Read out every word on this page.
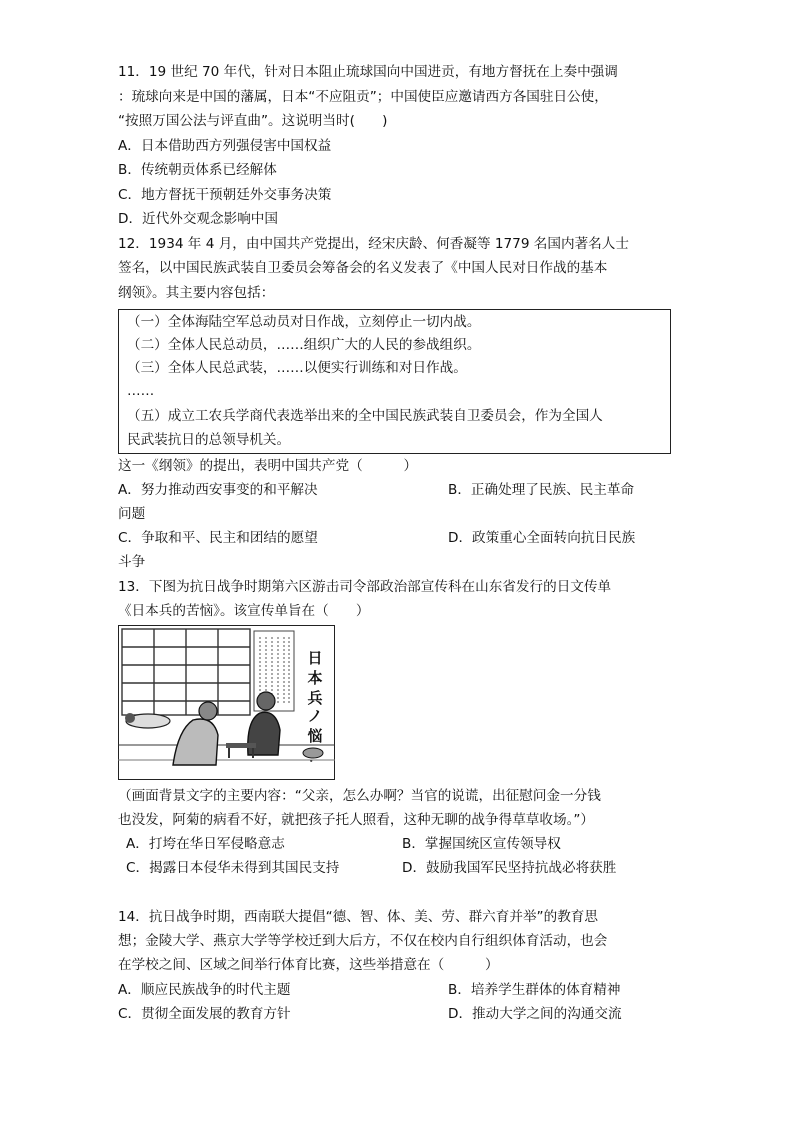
11．19 世纪 70 年代，针对日本阻止琉球国向中国进贡，有地方督抚在上奏中强调
：琉球向来是中国的藩属，日本“不应阻贡”；中国使臣应邀请西方各国驻日公使，
“按照万国公法与评直曲”。这说明当时(　　)
A．日本借助西方列强侵害中国权益
B．传统朝贡体系已经解体
C．地方督抚干预朝廷外交事务决策
D．近代外交观念影响中国
12．1934 年 4 月，由中国共产党提出，经宋庆龄、何香凝等 1779 名国内著名人士
签名，以中国民族武装自卫委员会筹备会的名义发表了《中国人民对日作战的基本
纲领》。其主要内容包括：
（一）全体海陆空军总动员对日作战，立刻停止一切内战。
（二）全体人民总动员，……组织广大的人民的参战组织。
（三）全体人民总武装，……以便实行训练和对日作战。
……
（五）成立工农兵学商代表选举出来的全中国民族武装自卫委员会，作为全国人
民武装抗日的总领导机关。
这一《纲领》的提出，表明中国共产党（　　　）
A．努力推动西安事变的和平解决	B．正确处理了民族、民主革命
问题
C．争取和平、民主和团结的愿望	D．政策重心全面转向抗日民族
斗争
13．下图为抗日战争时期第六区游击司令部政治部宣传科在山东省发行的日文传单
《日本兵的苦恼》。该宣传单旨在（　　）
日
本
兵
ノ
悩
（画面背景文字的主要内容：“父亲，怎么办啊？当官的说谎，出征慰问金一分钱
也没发，阿菊的病看不好，就把孩子托人照看，这种无聊的战争得草草收场。”）
A．打垮在华日军侵略意志	B．掌握国统区宣传领导权
C．揭露日本侵华未得到其国民支持	D．鼓励我国军民坚持抗战必将获胜
14．抗日战争时期，西南联大提倡“德、智、体、美、劳、群六育并举”的教育思
想；金陵大学、燕京大学等学校迁到大后方，不仅在校内自行组织体育活动，也会
在学校之间、区域之间举行体育比赛，这些举措意在（　　　）
A．顺应民族战争的时代主题	B．培养学生群体的体育精神
C．贯彻全面发展的教育方针	D．推动大学之间的沟通交流
